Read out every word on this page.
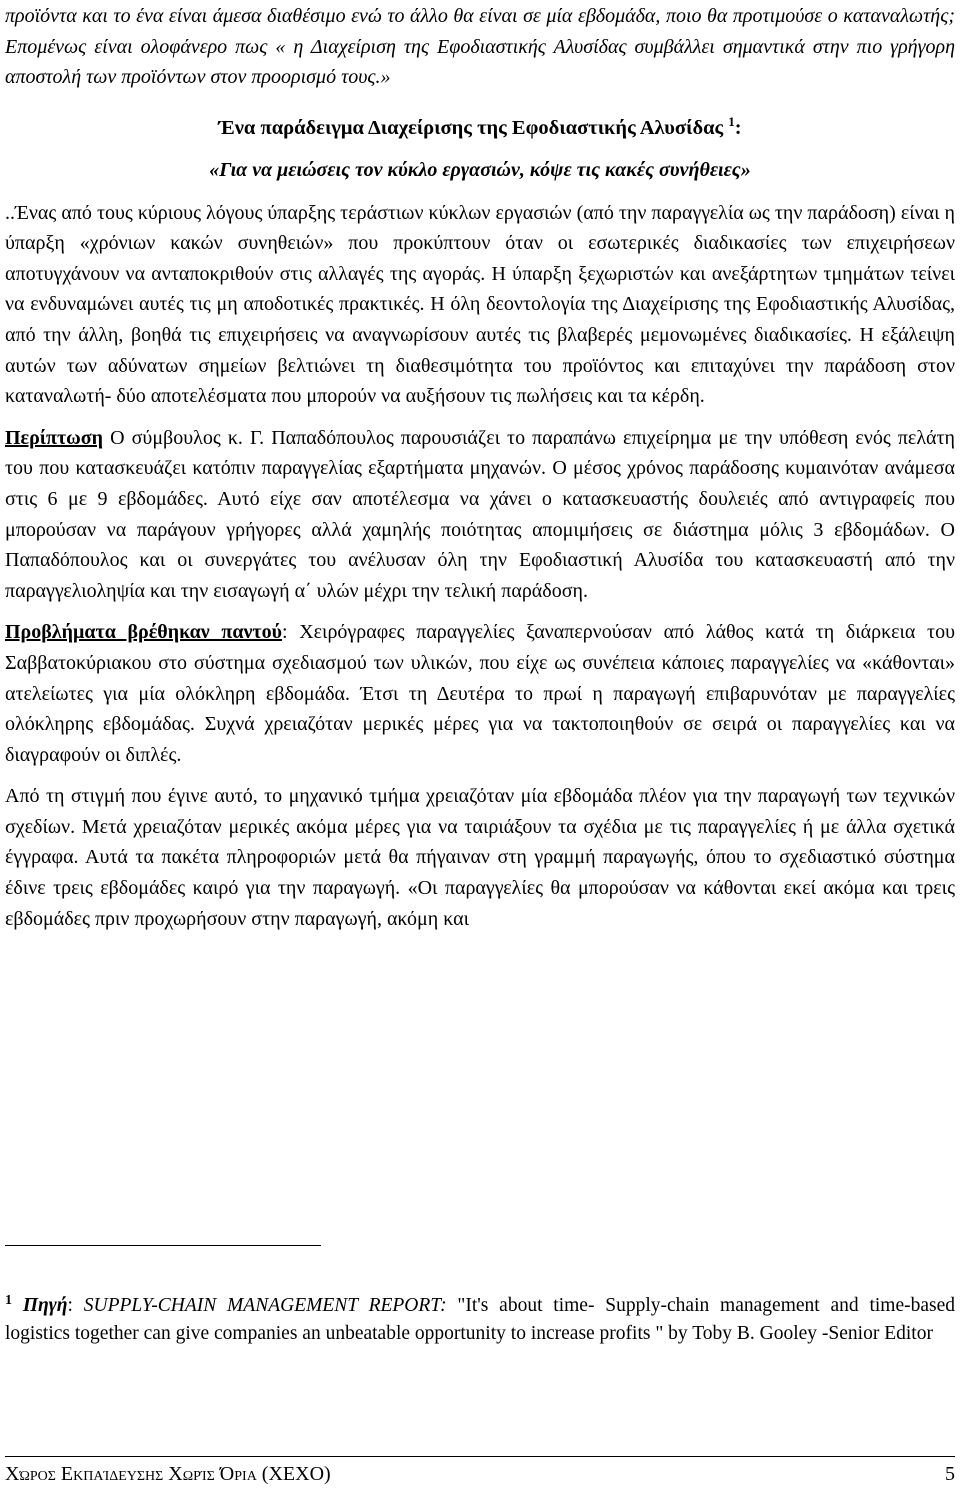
προϊόντα και το ένα είναι άμεσα διαθέσιμο ενώ το άλλο θα είναι σε μία εβδομάδα, ποιο θα προτιμούσε ο καταναλωτής; Επομένως είναι ολοφάνερο πως « η Διαχείριση της Εφοδιαστικής Αλυσίδας συμβάλλει σημαντικά στην πιο γρήγορη αποστολή των προϊόντων στον προορισμό τους.»

Ένα παράδειγμα Διαχείρισης της Εφοδιαστικής Αλυσίδας $^1$:

«Για να μειώσεις τον κύκλο εργασιών, κόψε τις κακές συνήθειες»

..Ένας από τους κύριους λόγους ύπαρξης τεράστιων κύκλων εργασιών (από την παραγγελία ως την παράδοση) είναι η ύπαρξη «χρόνιων κακών συνηθειών» που προκύπτουν όταν οι εσωτερικές διαδικασίες των επιχειρήσεων αποτυγχάνουν να ανταποκριθούν στις αλλαγές της αγοράς. Η ύπαρξη ξεχωριστών και ανεξάρτητων τμημάτων τείνει να ενδυναμώνει αυτές τις μη αποδοτικές πρακτικές. Η όλη δεοντολογία της Διαχείρισης της Εφοδιαστικής Αλυσίδας, από την άλλη, βοηθά τις επιχειρήσεις να αναγνωρίσουν αυτές τις βλαβερές μεμονωμένες διαδικασίες. Η εξάλειψη αυτών των αδύνατων σημείων βελτιώνει τη διαθεσιμότητα του προϊόντος και επιταχύνει την παράδοση στον καταναλωτή- δύο αποτελέσματα που μπορούν να αυξήσουν τις πωλήσεις και τα κέρδη.

Περίπτωση Ο σύμβουλος κ. Γ. Παπαδόπουλος παρουσιάζει το παραπάνω επιχείρημα με την υπόθεση ενός πελάτη του που κατασκευάζει κατόπιν παραγγελίας εξαρτήματα μηχανών. Ο μέσος χρόνος παράδοσης κυμαινόταν ανάμεσα στις 6 με 9 εβδομάδες. Αυτό είχε σαν αποτέλεσμα να χάνει ο κατασκευαστής δουλειές από αντιγραφείς που μπορούσαν να παράγουν γρήγορες αλλά χαμηλής ποιότητας απομιμήσεις σε διάστημα μόλις 3 εβδομάδων. Ο Παπαδόπουλος και οι συνεργάτες του ανέλυσαν όλη την Εφοδιαστική Αλυσίδα του κατασκευαστή από την παραγγελιοληψία και την εισαγωγή α΄ υλών μέχρι την τελική παράδοση.

Προβλήματα βρέθηκαν παντού: Χειρόγραφες παραγγελίες ξαναπερνούσαν από λάθος κατά τη διάρκεια του Σαββατοκύριακου στο σύστημα σχεδιασμού των υλικών, που είχε ως συνέπεια κάποιες παραγγελίες να «κάθονται» ατελείωτες για μία ολόκληρη εβδομάδα. Έτσι τη Δευτέρα το πρωί η παραγωγή επιβαρυνόταν με παραγγελίες ολόκληρης εβδομάδας. Συχνά χρειαζόταν μερικές μέρες για να τακτοποιηθούν σε σειρά οι παραγγελίες και να διαγραφούν οι διπλές.

Από τη στιγμή που έγινε αυτό, το μηχανικό τμήμα χρειαζόταν μία εβδομάδα πλέον για την παραγωγή των τεχνικών σχεδίων. Μετά χρειαζόταν μερικές ακόμα μέρες για να ταιριάξουν τα σχέδια με τις παραγγελίες ή με άλλα σχετικά έγγραφα. Αυτά τα πακέτα πληροφοριών μετά θα πήγαιναν στη γραμμή παραγωγής, όπου το σχεδιαστικό σύστημα έδινε τρεις εβδομάδες καιρό για την παραγωγή. «Οι παραγγελίες θα μπορούσαν να κάθονται εκεί ακόμα και τρεις εβδομάδες πριν προχωρήσουν στην παραγωγή, ακόμη και

$^1$ Πηγή: SUPPLY-CHAIN MANAGEMENT REPORT: "It's about time- Supply-chain management and time-based logistics together can give companies an unbeatable opportunity to increase profits " by Toby B. Gooley -Senior Editor

Χώρος Εκπαίδευσης Χωρίς Όρια (ΧΕΧΟ)	5
